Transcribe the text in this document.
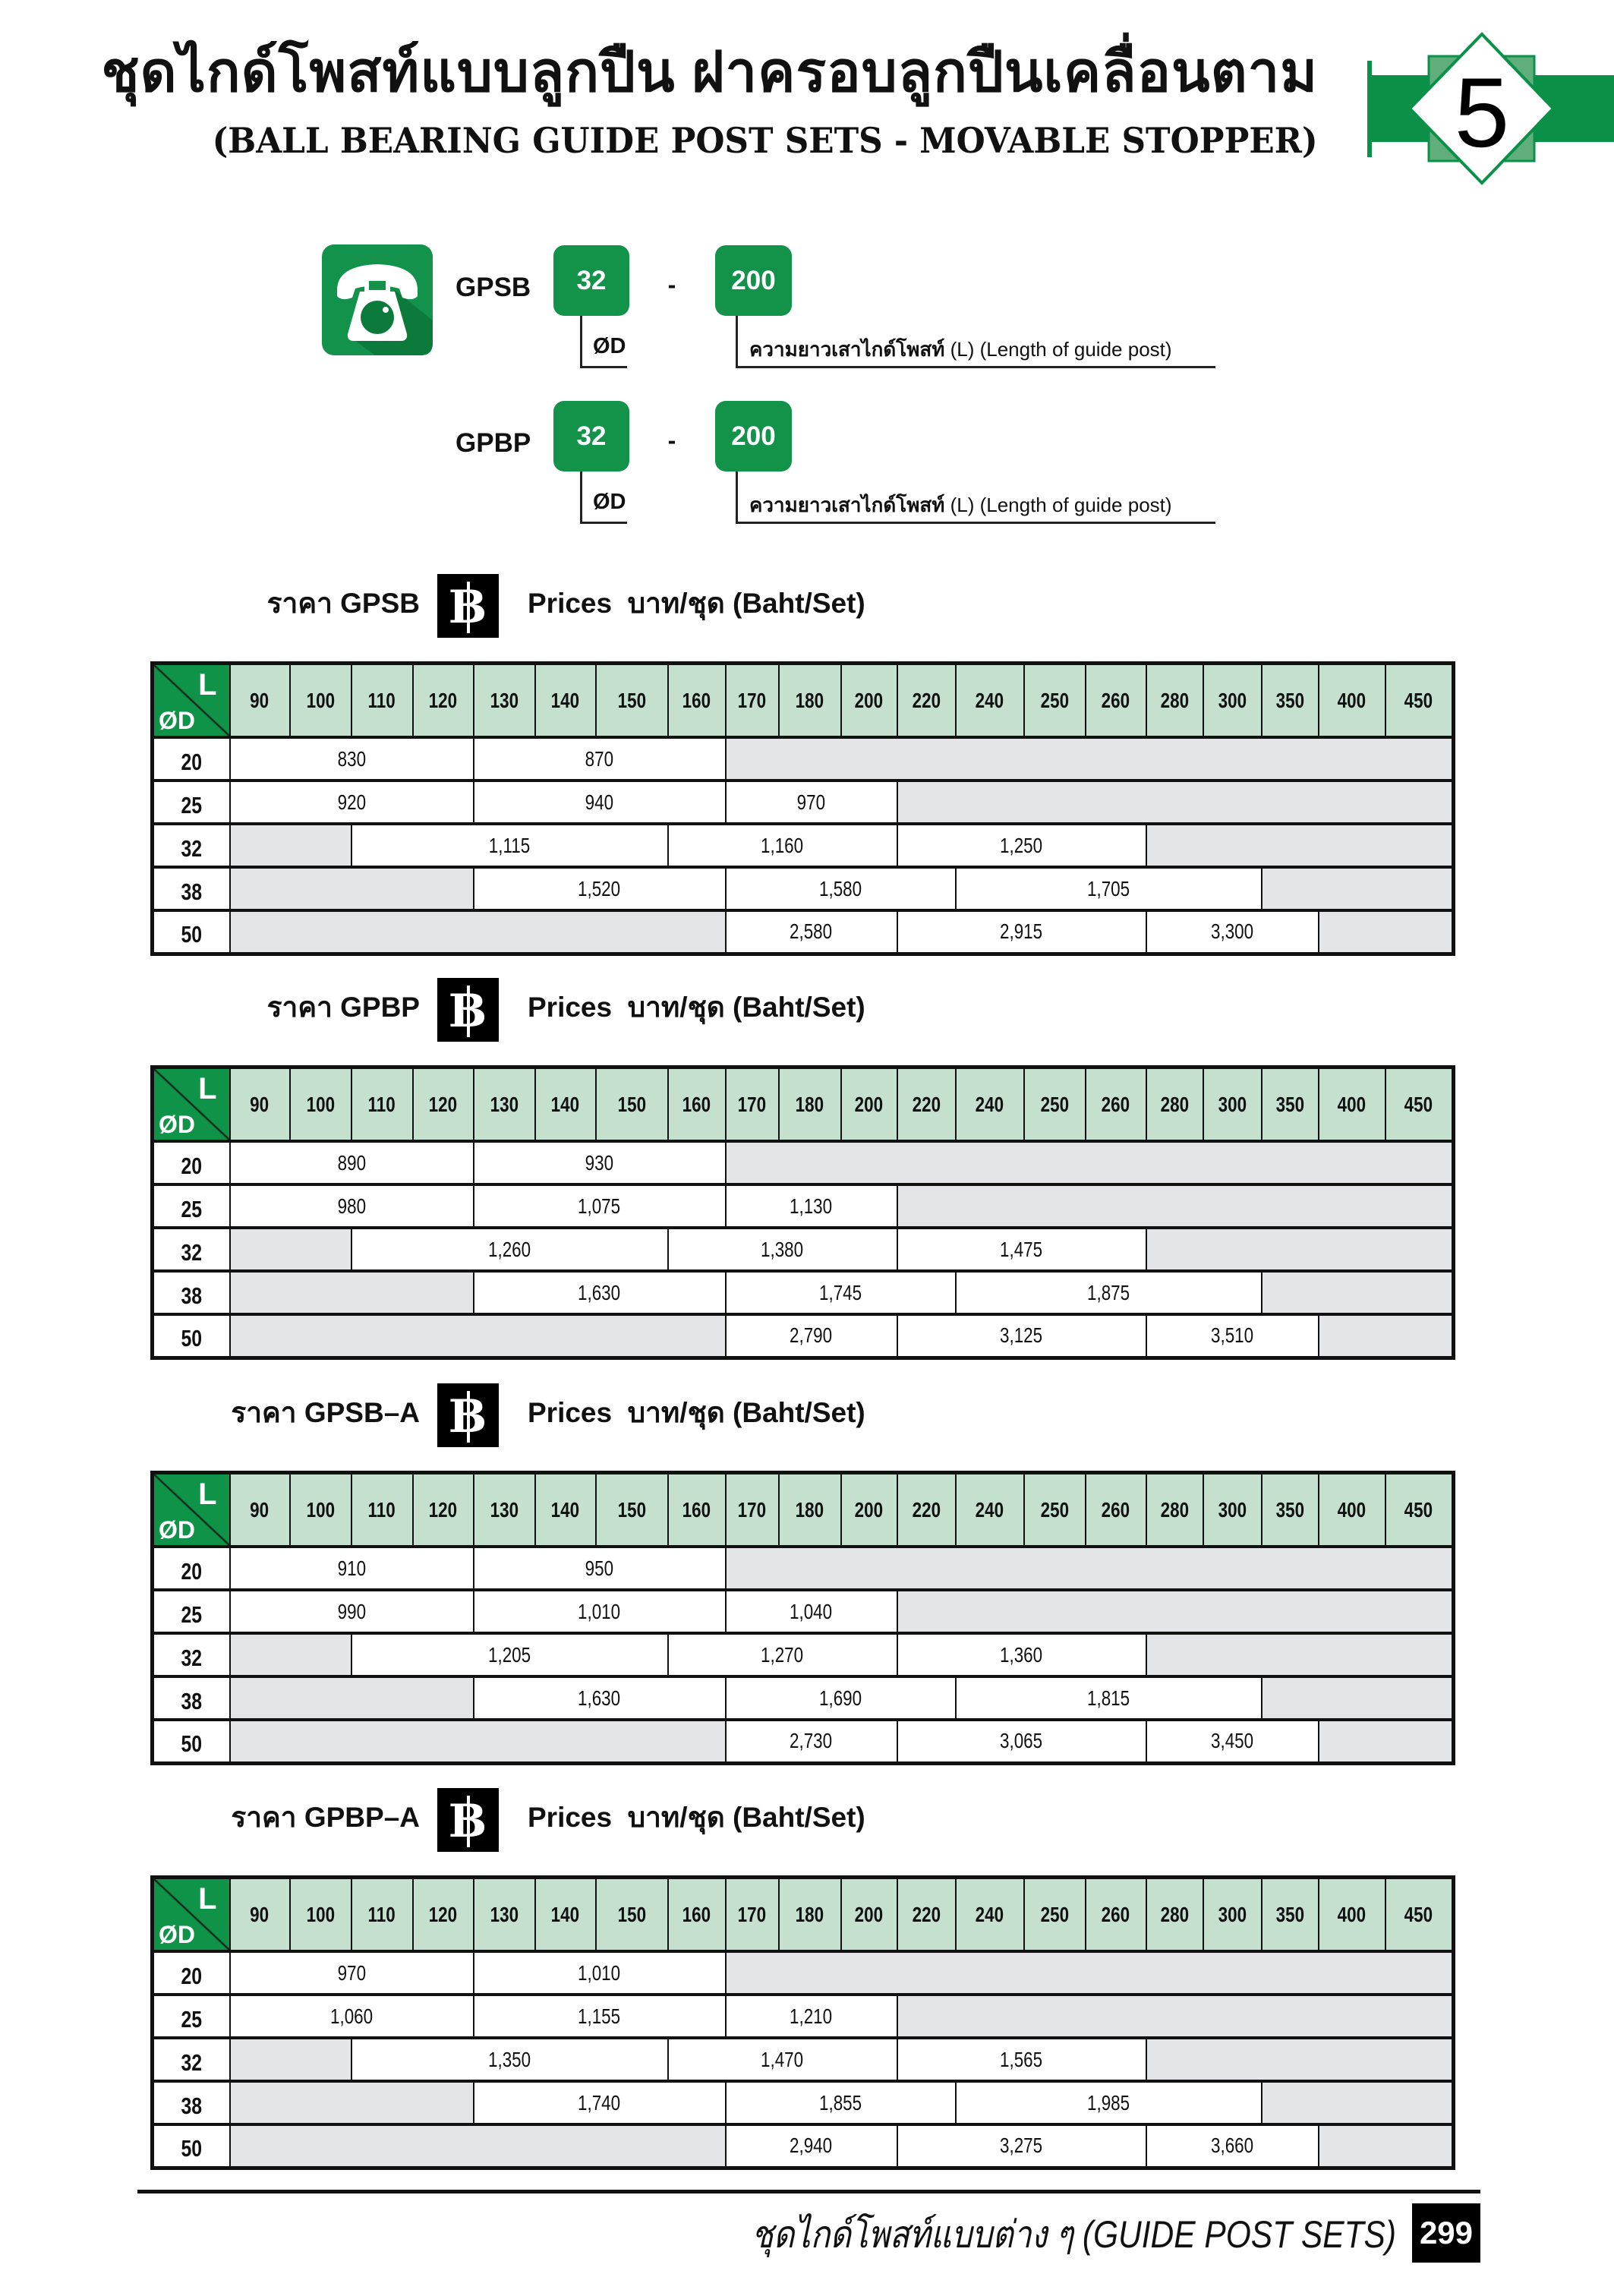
ชุดไกด์โพสท์แบบลูกปืน ฝาครอบลูกปืนเคลื่อนตาม
(BALL BEARING GUIDE POST SETS - MOVABLE STOPPER) 5
GPSB	32	-	200
ØD	ความยาวเสาไกด์โพสท์ (L) (Length of guide post)
GPBP	32	-	200
ØD	ความยาวเสาไกด์โพสท์ (L) (Length of guide post)
ราคา GPSB B Prices บาท/ชุด (Baht/Set)
L
ØD	90	100	110	120	130	140	150	160	170	180	200	220	240	250	260	280	300	350	400	450
20	830				870															
25	920				940				970											
32			1,115					1,160				1,250								
38					1,520				1,580				1,705							
50									2,580			2,915				3,300				
ราคา GPBP B Prices บาท/ชุด (Baht/Set)
L
ØD	90	100	110	120	130	140	150	160	170	180	200	220	240	250	260	280	300	350	400	450
20	890				930															
25	980				1,075				1,130											
32			1,260					1,380				1,475								
38					1,630				1,745				1,875							
50									2,790			3,125				3,510				
ราคา GPSB–A B Prices บาท/ชุด (Baht/Set)
L
ØD	90	100	110	120	130	140	150	160	170	180	200	220	240	250	260	280	300	350	400	450
20	910				950															
25	990				1,010				1,040											
32			1,205					1,270				1,360								
38					1,630				1,690				1,815							
50									2,730			3,065				3,450				
ราคา GPBP–A B Prices บาท/ชุด (Baht/Set)
L
ØD	90	100	110	120	130	140	150	160	170	180	200	220	240	250	260	280	300	350	400	450
20	970				1,010															
25	1,060				1,155				1,210											
32			1,350					1,470				1,565								
38					1,740				1,855				1,985							
50									2,940			3,275				3,660				
ชุดไกด์โพสท์แบบต่าง ๆ (GUIDE POST SETS) 299
